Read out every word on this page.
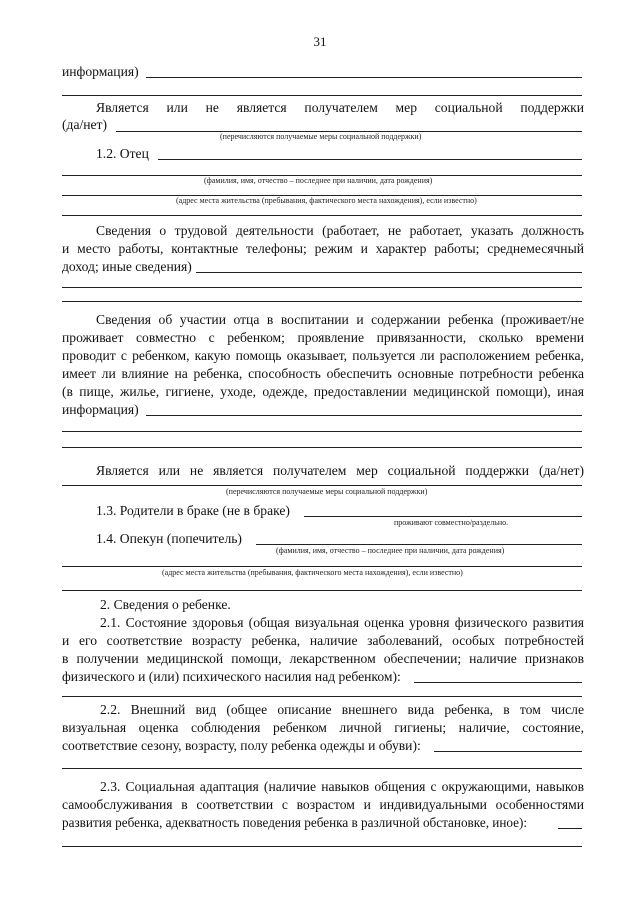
31
информация)
Является или не является получателем мер социальной поддержки
(да/нет)
(перечисляются получаемые меры социальной поддержки)
1.2. Отец
(фамилия, имя, отчество – последнее при наличии, дата рождения)
(адрес места жительства (пребывания, фактического места нахождения), если известно)
Сведения о трудовой деятельности (работает, не работает, указать должность
и место работы, контактные телефоны; режим и характер работы; среднемесячный
доход; иные сведения)
Сведения об участии отца в воспитании и содержании ребенка (проживает/не
проживает совместно с ребенком; проявление привязанности, сколько времени
проводит с ребенком, какую помощь оказывает, пользуется ли расположением ребенка,
имеет ли влияние на ребенка, способность обеспечить основные потребности ребенка
(в пище, жилье, гигиене, уходе, одежде, предоставлении медицинской помощи), иная
информация)
Является или не является получателем мер социальной поддержки (да/нет)
(перечисляются получаемые меры социальной поддержки)
1.3. Родители в браке (не в браке)
проживают совместно/раздельно.
1.4. Опекун (попечитель)
(фамилия, имя, отчество – последнее при наличии, дата рождения)
(адрес места жительства (пребывания, фактического места нахождения), если известно)
2. Сведения о ребенке.
2.1. Состояние здоровья (общая визуальная оценка уровня физического развития
и его соответствие возрасту ребенка, наличие заболеваний, особых потребностей
в получении медицинской помощи, лекарственном обеспечении; наличие признаков
физического и (или) психического насилия над ребенком):
2.2. Внешний вид (общее описание внешнего вида ребенка, в том числе
визуальная оценка соблюдения ребенком личной гигиены; наличие, состояние,
соответствие сезону, возрасту, полу ребенка одежды и обуви):
2.3. Социальная адаптация (наличие навыков общения с окружающими, навыков
самообслуживания в соответствии с возрастом и индивидуальными особенностями
развития ребенка, адекватность поведения ребенка в различной обстановке, иное):
